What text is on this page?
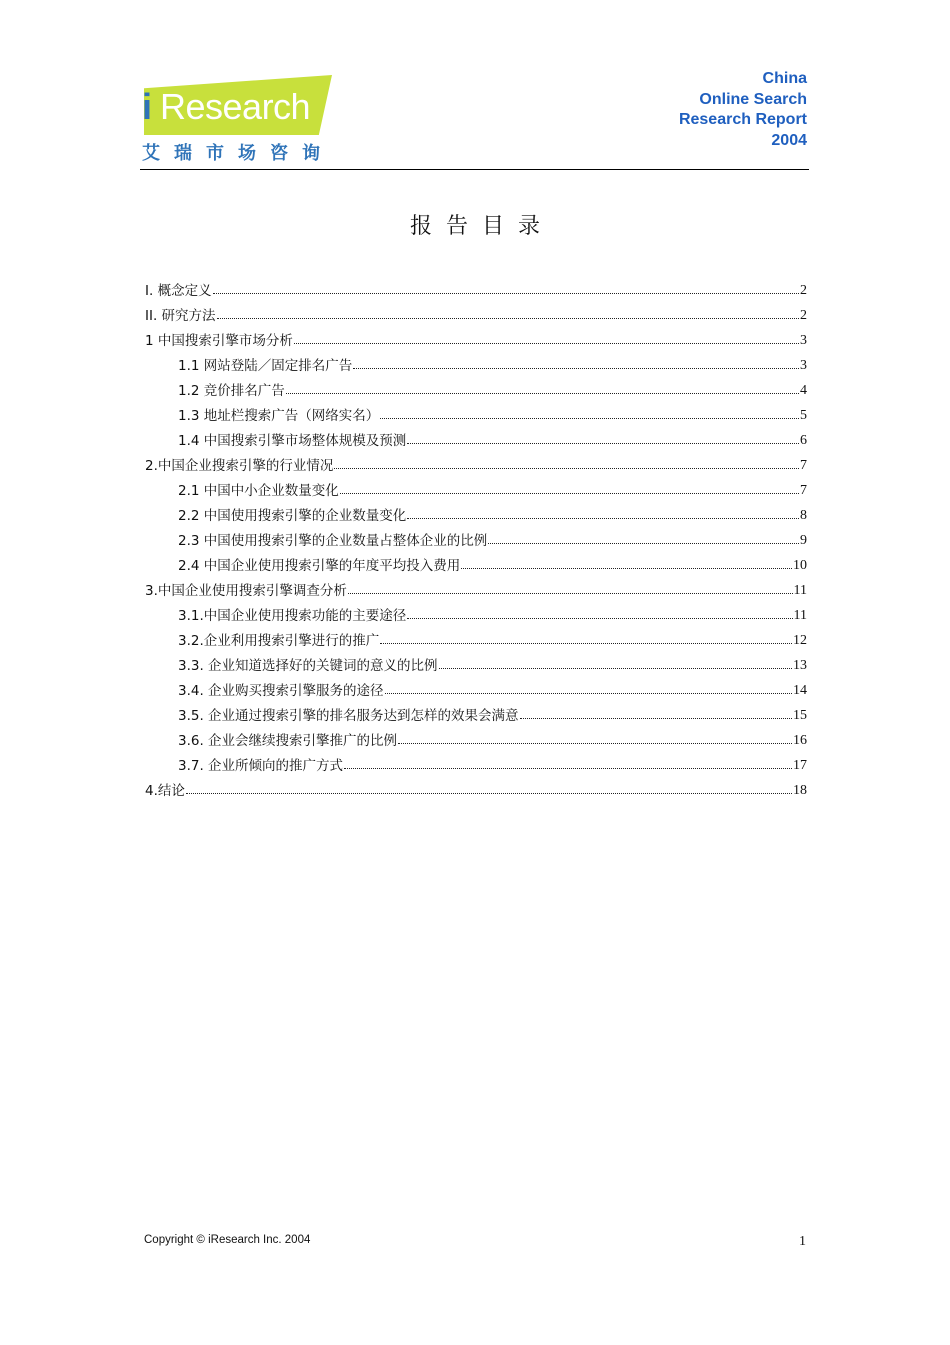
i Research
艾瑞市场咨询
China
Online Search
Research Report
2004
报告目录
I. 概念定义	2
II. 研究方法	2
1 中国搜索引擎市场分析	3
1.1 网站登陆／固定排名广告	3
1.2 竞价排名广告	4
1.3 地址栏搜索广告（网络实名）	5
1.4 中国搜索引擎市场整体规模及预测	6
2.中国企业搜索引擎的行业情况	7
2.1 中国中小企业数量变化	7
2.2 中国使用搜索引擎的企业数量变化	8
2.3 中国使用搜索引擎的企业数量占整体企业的比例	9
2.4 中国企业使用搜索引擎的年度平均投入费用	10
3.中国企业使用搜索引擎调查分析	11
3.1.中国企业使用搜索功能的主要途径	11
3.2.企业利用搜索引擎进行的推广	12
3.3. 企业知道选择好的关键词的意义的比例	13
3.4. 企业购买搜索引擎服务的途径	14
3.5. 企业通过搜索引擎的排名服务达到怎样的效果会满意	15
3.6. 企业会继续搜索引擎推广的比例	16
3.7. 企业所倾向的推广方式	17
4.结论	18
Copyright © iResearch Inc. 2004	1
